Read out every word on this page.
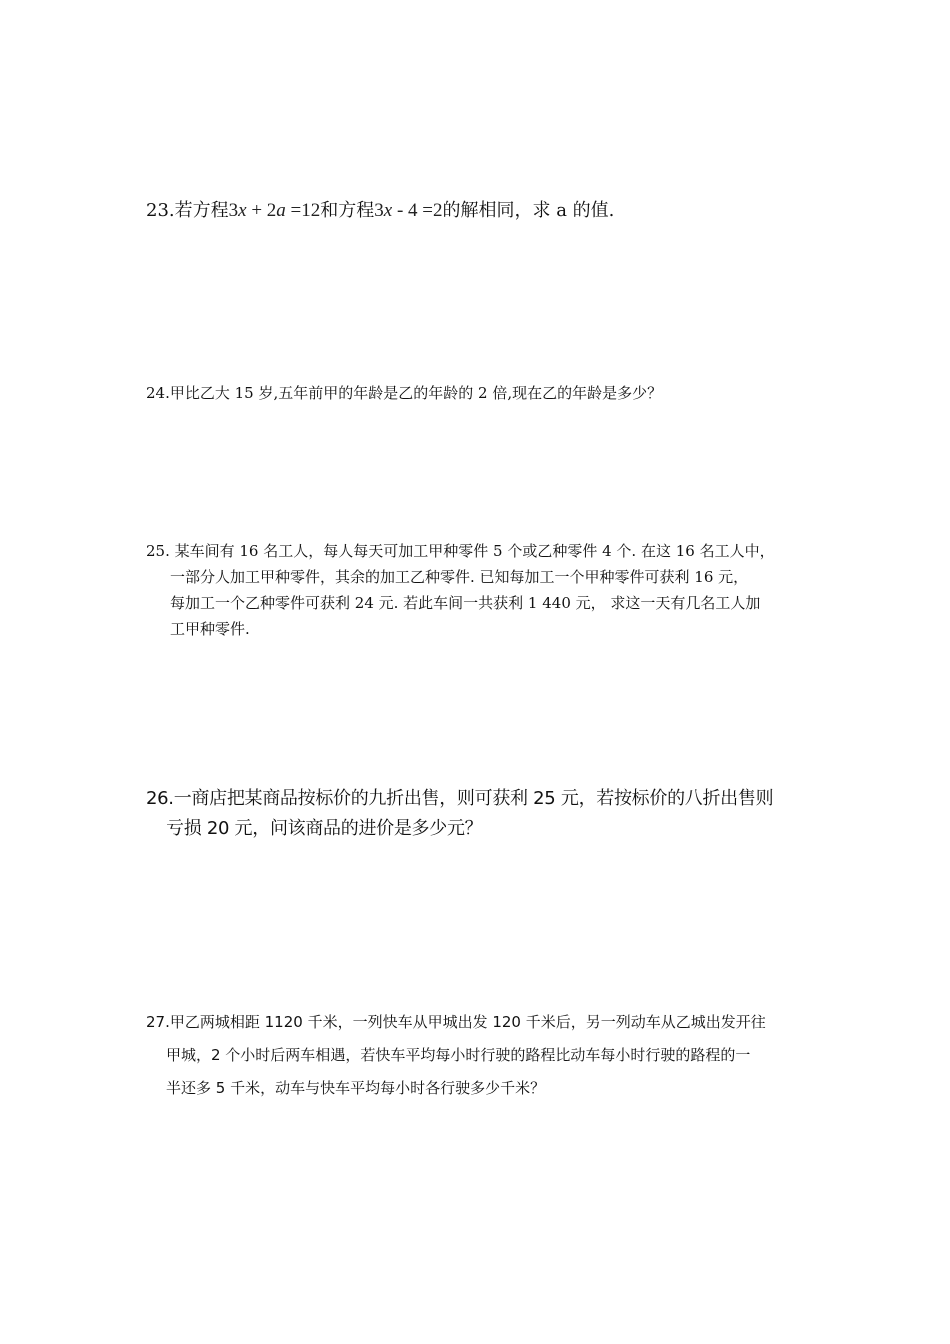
23.若方程3x + 2a =12和方程3x - 4 =2的解相同，求 a 的值.
24.甲比乙大 15 岁,五年前甲的年龄是乙的年龄的 2 倍,现在乙的年龄是多少？
25. 某车间有 16 名工人，每人每天可加工甲种零件 5 个或乙种零件 4 个. 在这 16 名工人中，
一部分人加工甲种零件，其余的加工乙种零件. 已知每加工一个甲种零件可获利 16 元，
每加工一个乙种零件可获利 24 元. 若此车间一共获利 1 440 元， 求这一天有几名工人加
工甲种零件.
26.一商店把某商品按标价的九折出售，则可获利 25 元，若按标价的八折出售则
亏损 20 元，问该商品的进价是多少元？
27.甲乙两城相距 1120 千米，一列快车从甲城出发 120 千米后，另一列动车从乙城出发开往
甲城，2 个小时后两车相遇，若快车平均每小时行驶的路程比动车每小时行驶的路程的一
半还多 5 千米，动车与快车平均每小时各行驶多少千米？
